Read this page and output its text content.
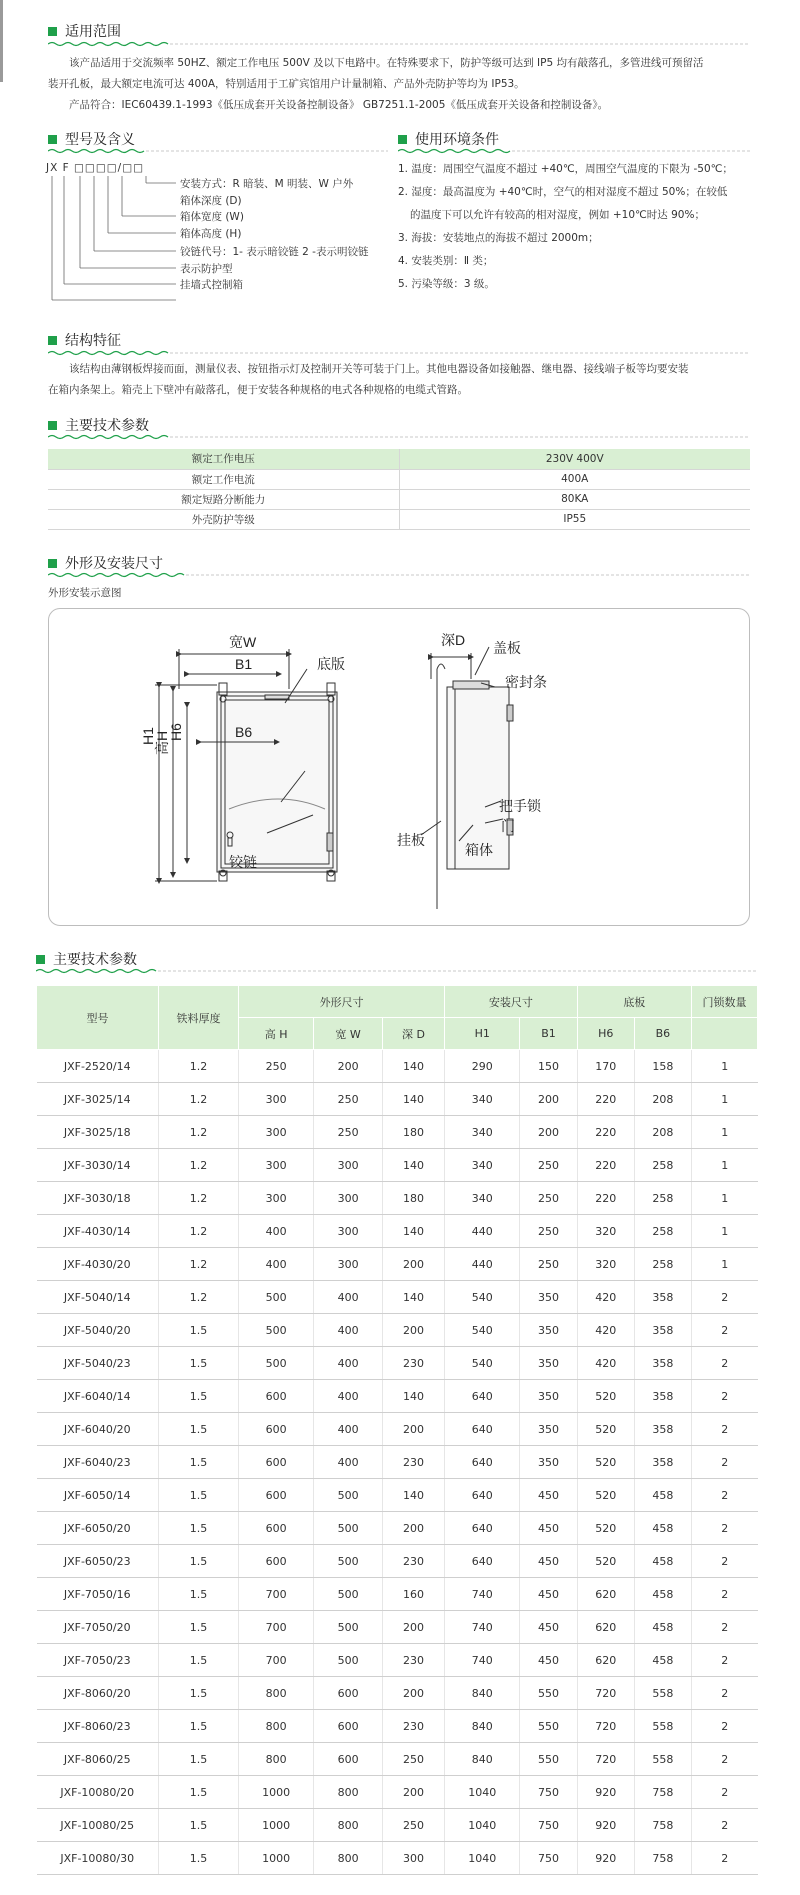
适用范围

该产品适用于交流频率 50HZ、额定工作电压 500V 及以下电路中。在特殊要求下，防护等级可达到 IP5 均有敲落孔，多管进线可预留活

装开孔板，最大额定电流可达 400A，特别适用于工矿宾馆用户计量制箱、产品外壳防护等均为 IP53。

产品符合：IEC60439.1-1993《低压成套开关设备控制设备》 GB7251.1-2005《低压成套开关设备和控制设备》。

型号及含义
JX F □□□□/□□
安装方式：R 暗装、M 明装、W 户外
箱体深度 (D)
箱体宽度 (W)
箱体高度 (H)
铰链代号：1- 表示暗铰链 2 -表示明铰链
表示防护型
挂墙式控制箱
使用环境条件

1. 温度：周围空气温度不超过 +40℃，周围空气温度的下限为 -50℃；

2. 湿度：最高温度为 +40℃时，空气的相对湿度不超过 50%；在较低

的温度下可以允许有较高的相对湿度，例如 +10℃时达 90%；

3. 海拔：安装地点的海拔不超过 2000m；

4. 安装类别：Ⅱ 类；

5. 污染等级：3 级。

结构特征

该结构由薄钢板焊接而面，测量仪表、按钮指示灯及控制开关等可装于门上。其他电器设备如接触器、继电器、接线端子板等均要安装

在箱内条架上。箱壳上下壁冲有敲落孔，便于安装各种规格的电式各种规格的电缆式管路。

主要技术参数
额定工作电压	230V 400V
额定工作电流	400A
额定短路分断能力	80KA
外壳防护等级	IP55
外形及安装尺寸
外形安装示意图
宽W
B1
B6
底版
铰链
深D 盖板
密封条
把手锁
门
挂板
箱体
H1
高H
H6
主要技术参数
型号	铁料厚度	外形尺寸			安装尺寸		底板		门锁数量
		高 H	宽 W	深 D	H1	B1	H6	B6	
JXF-2520/14	1.2	250	200	140	290	150	170	158	1
JXF-3025/14	1.2	300	250	140	340	200	220	208	1
JXF-3025/18	1.2	300	250	180	340	200	220	208	1
JXF-3030/14	1.2	300	300	140	340	250	220	258	1
JXF-3030/18	1.2	300	300	180	340	250	220	258	1
JXF-4030/14	1.2	400	300	140	440	250	320	258	1
JXF-4030/20	1.2	400	300	200	440	250	320	258	1
JXF-5040/14	1.2	500	400	140	540	350	420	358	2
JXF-5040/20	1.5	500	400	200	540	350	420	358	2
JXF-5040/23	1.5	500	400	230	540	350	420	358	2
JXF-6040/14	1.5	600	400	140	640	350	520	358	2
JXF-6040/20	1.5	600	400	200	640	350	520	358	2
JXF-6040/23	1.5	600	400	230	640	350	520	358	2
JXF-6050/14	1.5	600	500	140	640	450	520	458	2
JXF-6050/20	1.5	600	500	200	640	450	520	458	2
JXF-6050/23	1.5	600	500	230	640	450	520	458	2
JXF-7050/16	1.5	700	500	160	740	450	620	458	2
JXF-7050/20	1.5	700	500	200	740	450	620	458	2
JXF-7050/23	1.5	700	500	230	740	450	620	458	2
JXF-8060/20	1.5	800	600	200	840	550	720	558	2
JXF-8060/23	1.5	800	600	230	840	550	720	558	2
JXF-8060/25	1.5	800	600	250	840	550	720	558	2
JXF-10080/20	1.5	1000	800	200	1040	750	920	758	2
JXF-10080/25	1.5	1000	800	250	1040	750	920	758	2
JXF-10080/30	1.5	1000	800	300	1040	750	920	758	2
